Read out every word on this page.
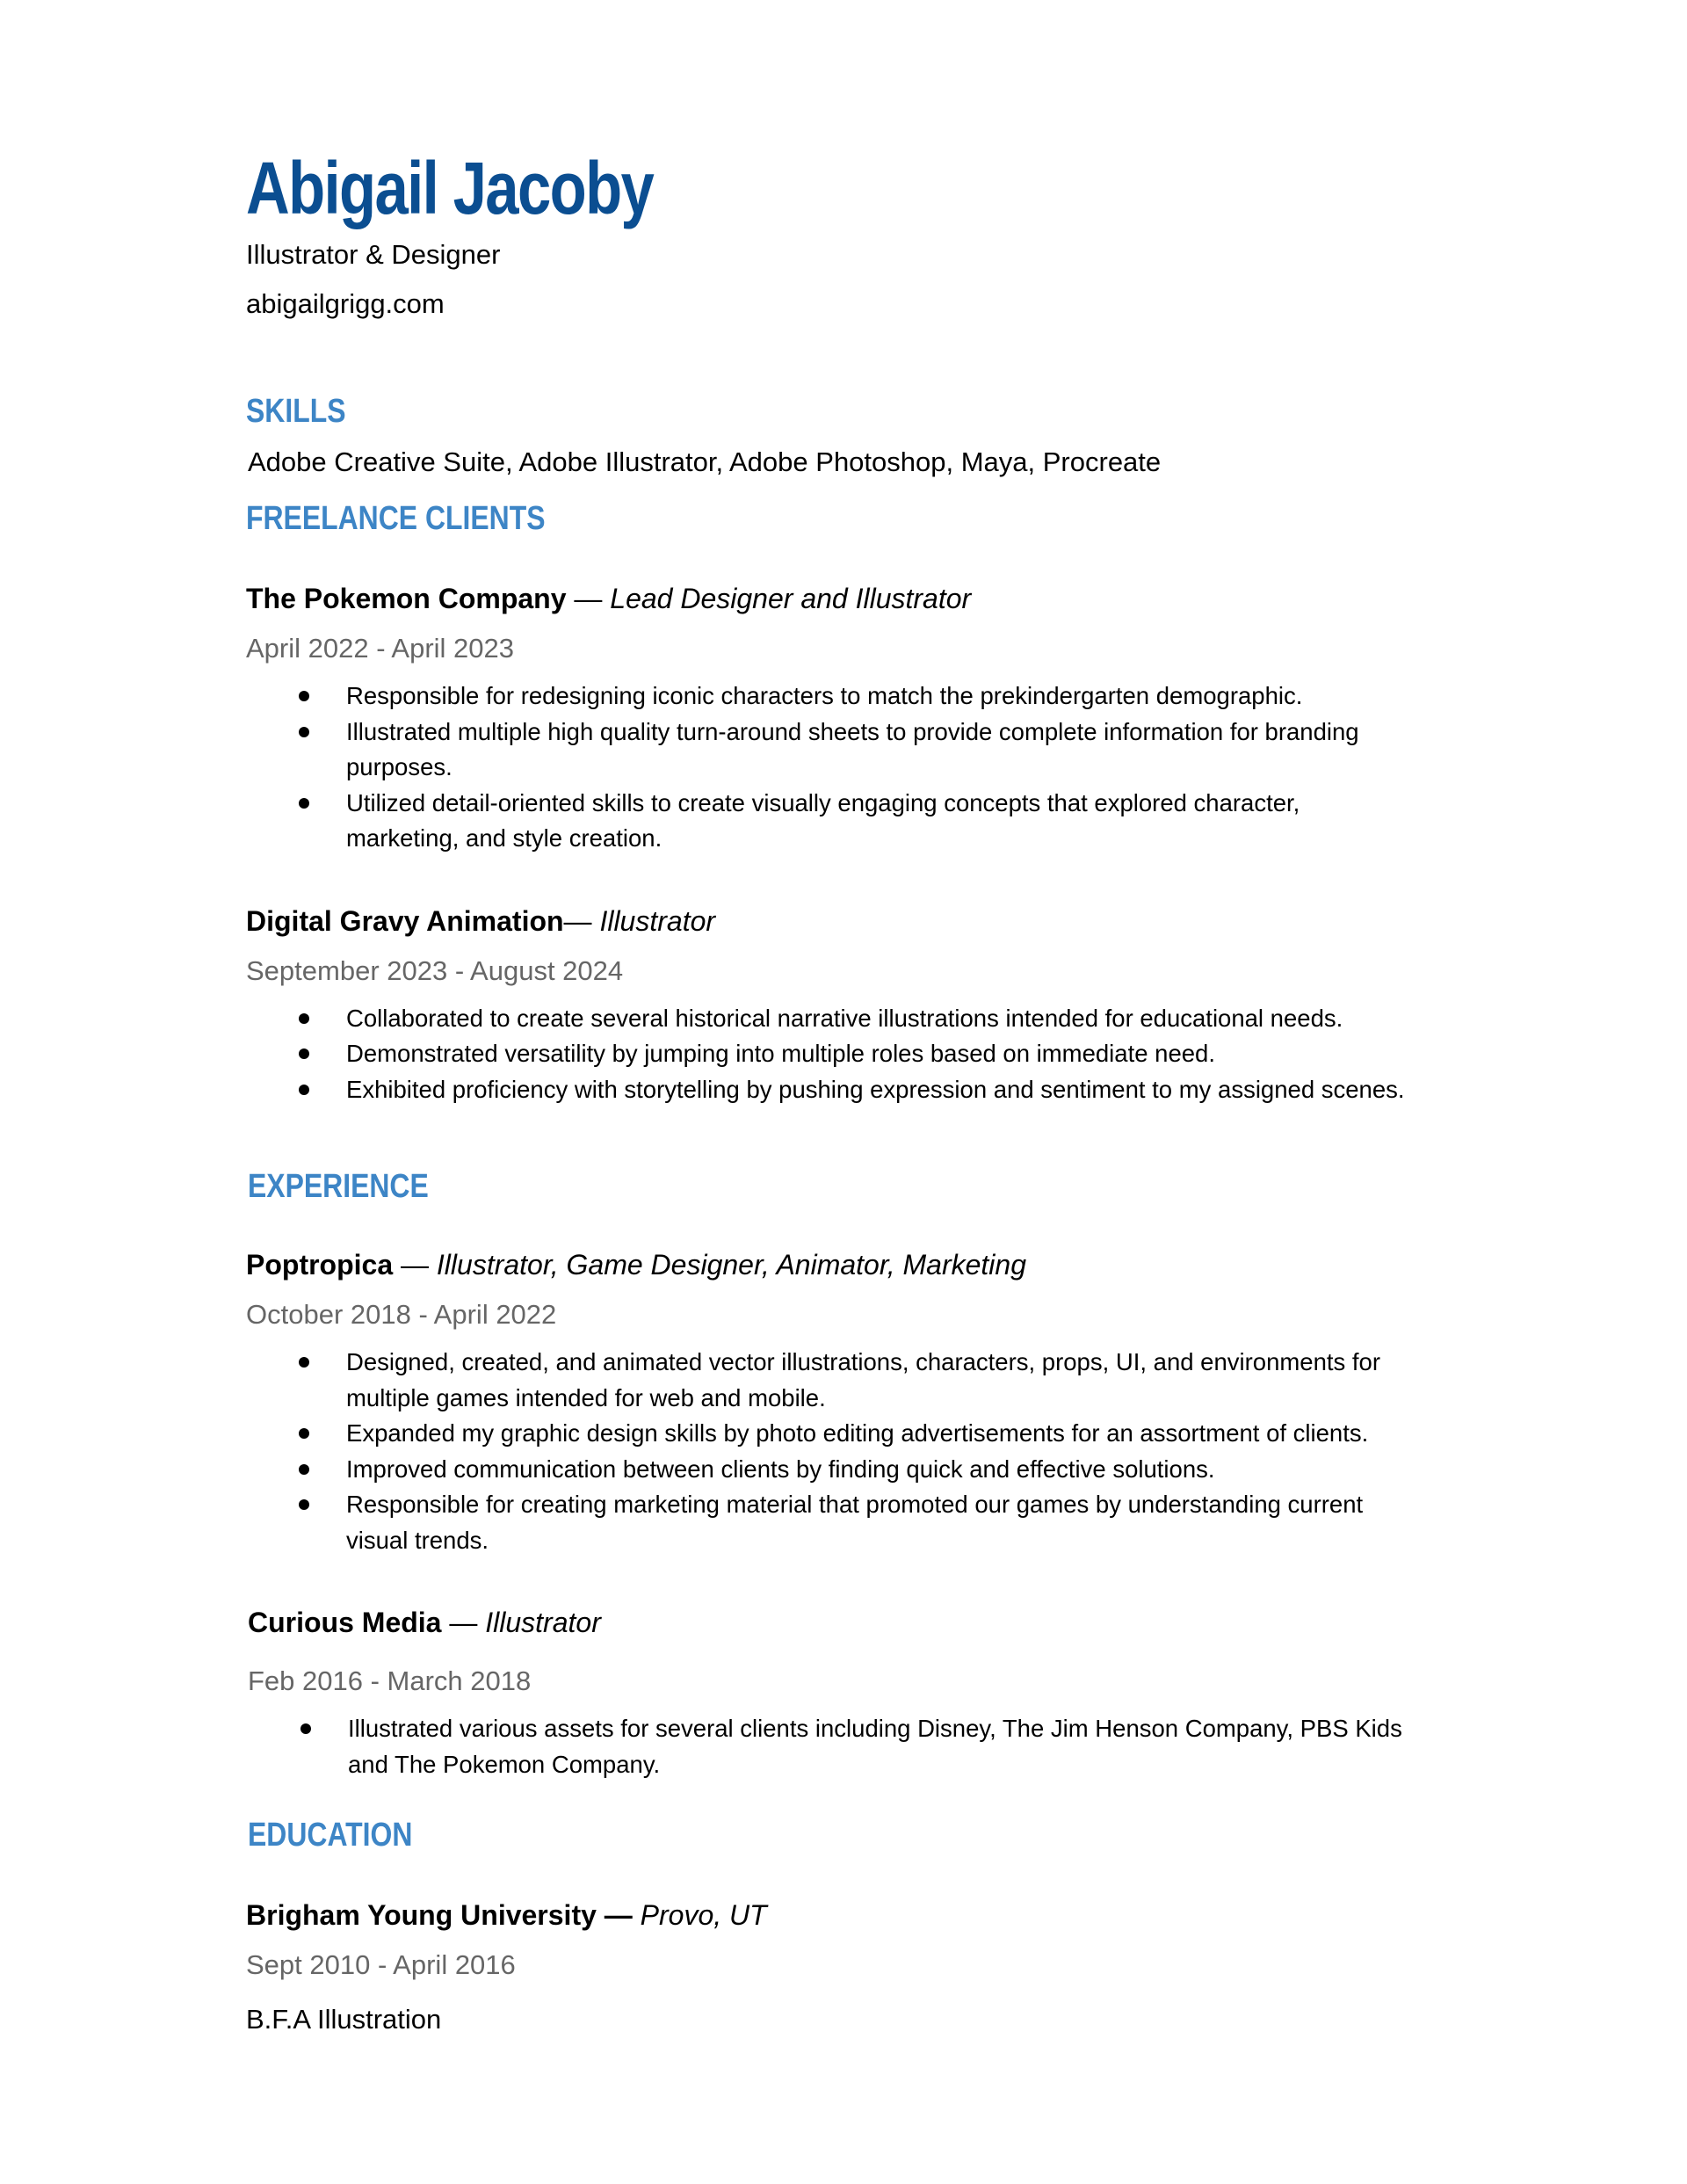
Abigail Jacoby
Illustrator & Designer
abigailgrigg.com
SKILLS
Adobe Creative Suite, Adobe Illustrator, Adobe Photoshop, Maya, Procreate
FREELANCE CLIENTS
The Pokemon Company — Lead Designer and Illustrator
April 2022 - April 2023
Responsible for redesigning iconic characters to match the prekindergarten demographic.
Illustrated multiple high quality turn-around sheets to provide complete information for branding purposes.
Utilized detail-oriented skills to create visually engaging concepts that explored character, marketing, and style creation.
Digital Gravy Animation— Illustrator
September 2023 - August 2024
Collaborated to create several historical narrative illustrations intended for educational needs.
Demonstrated versatility by jumping into multiple roles based on immediate need.
Exhibited proficiency with storytelling by pushing expression and sentiment to my assigned scenes.
EXPERIENCE
Poptropica — Illustrator, Game Designer, Animator, Marketing
October 2018 - April 2022
Designed, created, and animated vector illustrations, characters, props, UI, and environments for multiple games intended for web and mobile.
Expanded my graphic design skills by photo editing advertisements for an assortment of clients.
Improved communication between clients by finding quick and effective solutions.
Responsible for creating marketing material that promoted our games by understanding current visual trends.
Curious Media — Illustrator
Feb 2016 - March 2018
Illustrated various assets for several clients including Disney, The Jim Henson Company, PBS Kids and The Pokemon Company.
EDUCATION
Brigham Young University — Provo, UT
Sept 2010 - April 2016
B.F.A Illustration
